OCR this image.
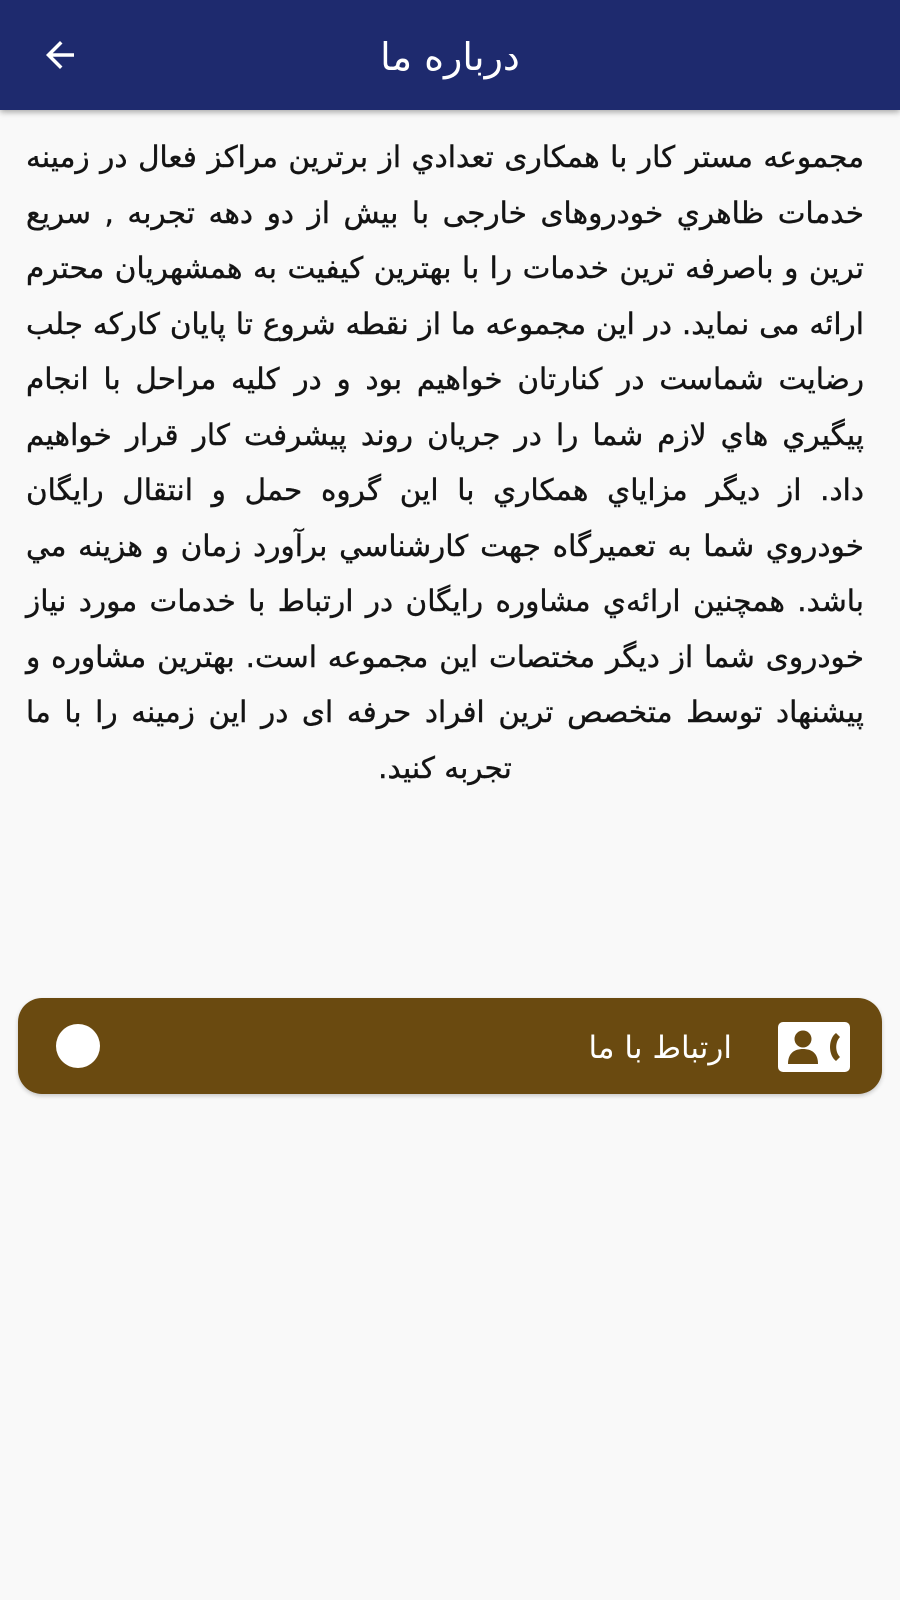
درباره ما

مجموعه مستر کار با همکاری تعدادي از برترین مراکز فعال در زمینه خدمات ظاهري خودروهای خارجی با بیش از دو دهه تجربه , سریع ترین و باصرفه ترین خدمات را با بهترین کیفیت به همشهریان محترم ارائه می نماید. در این مجموعه ما از نقطه شروع تا پایان کارکه جلب رضایت شماست در کنارتان خواهیم بود و در کلیه مراحل با انجام پیگیري هاي لازم شما را در جریان روند پیشرفت کار قرار خواهیم داد. از دیگر مزایاي همکاري با این گروه حمل و انتقال رایگان خودروي شما به تعمیرگاه جهت کارشناسي برآورد زمان و هزینه مي باشد. همچنین ارائه‌ي مشاوره رایگان در ارتباط با خدمات مورد نیاز خودروی شما از دیگر مختصات این مجموعه است. بهترین مشاوره و پیشنهاد توسط متخصص ترین افراد حرفه ای در این زمینه را با ما تجربه کنید.

ارتباط با ما
